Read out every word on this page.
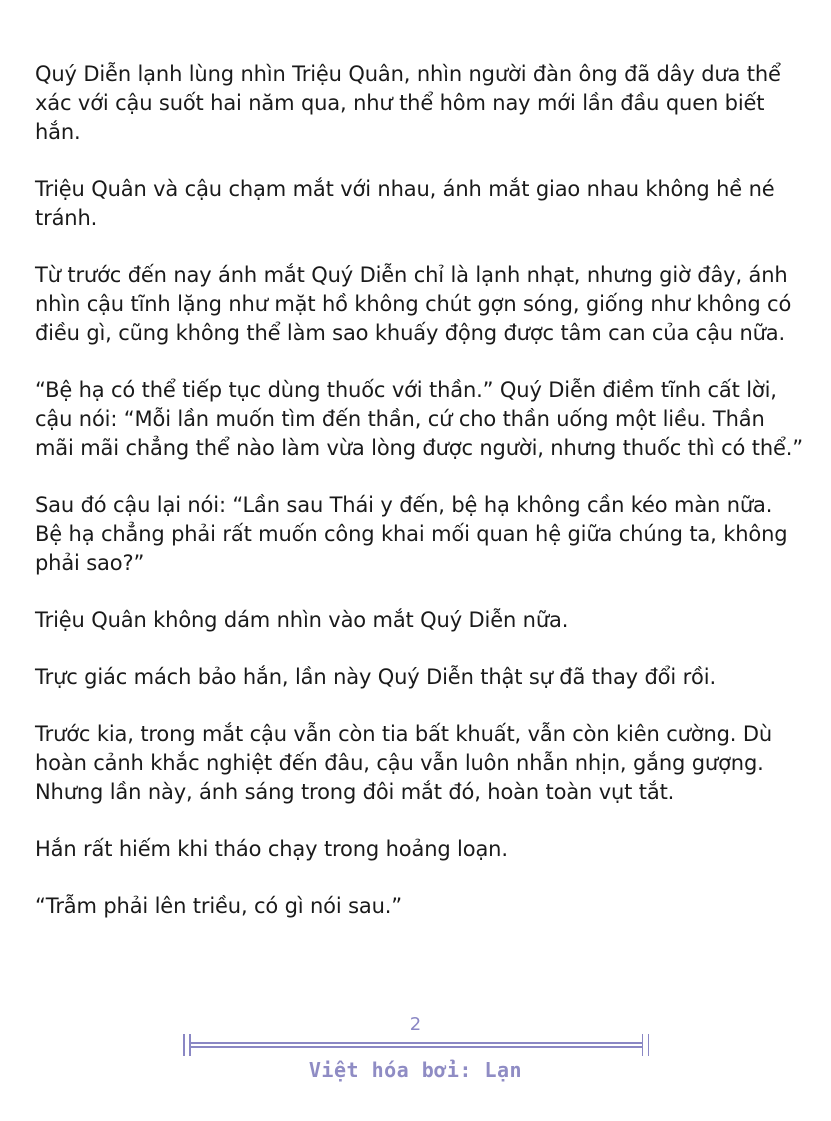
Quý Diễn lạnh lùng nhìn Triệu Quân, nhìn người đàn ông đã dây dưa thể xác với cậu suốt hai năm qua, như thể hôm nay mới lần đầu quen biết hắn.

Triệu Quân và cậu chạm mắt với nhau, ánh mắt giao nhau không hề né tránh.

Từ trước đến nay ánh mắt Quý Diễn chỉ là lạnh nhạt, nhưng giờ đây, ánh nhìn cậu tĩnh lặng như mặt hồ không chút gợn sóng, giống như không có điều gì, cũng không thể làm sao khuấy động được tâm can của cậu nữa.

“Bệ hạ có thể tiếp tục dùng thuốc với thần.” Quý Diễn điềm tĩnh cất lời, cậu nói: “Mỗi lần muốn tìm đến thần, cứ cho thần uống một liều. Thần mãi mãi chẳng thể nào làm vừa lòng được người, nhưng thuốc thì có thể.”

Sau đó cậu lại nói: “Lần sau Thái y đến, bệ hạ không cần kéo màn nữa. Bệ hạ chẳng phải rất muốn công khai mối quan hệ giữa chúng ta, không phải sao?”

Triệu Quân không dám nhìn vào mắt Quý Diễn nữa.

Trực giác mách bảo hắn, lần này Quý Diễn thật sự đã thay đổi rồi.

Trước kia, trong mắt cậu vẫn còn tia bất khuất, vẫn còn kiên cường. Dù hoàn cảnh khắc nghiệt đến đâu, cậu vẫn luôn nhẫn nhịn, gắng gượng. Nhưng lần này, ánh sáng trong đôi mắt đó, hoàn toàn vụt tắt.

Hắn rất hiếm khi tháo chạy trong hoảng loạn.

“Trẫm phải lên triều, có gì nói sau.”

2
Việt hóa bởi: Lạn
